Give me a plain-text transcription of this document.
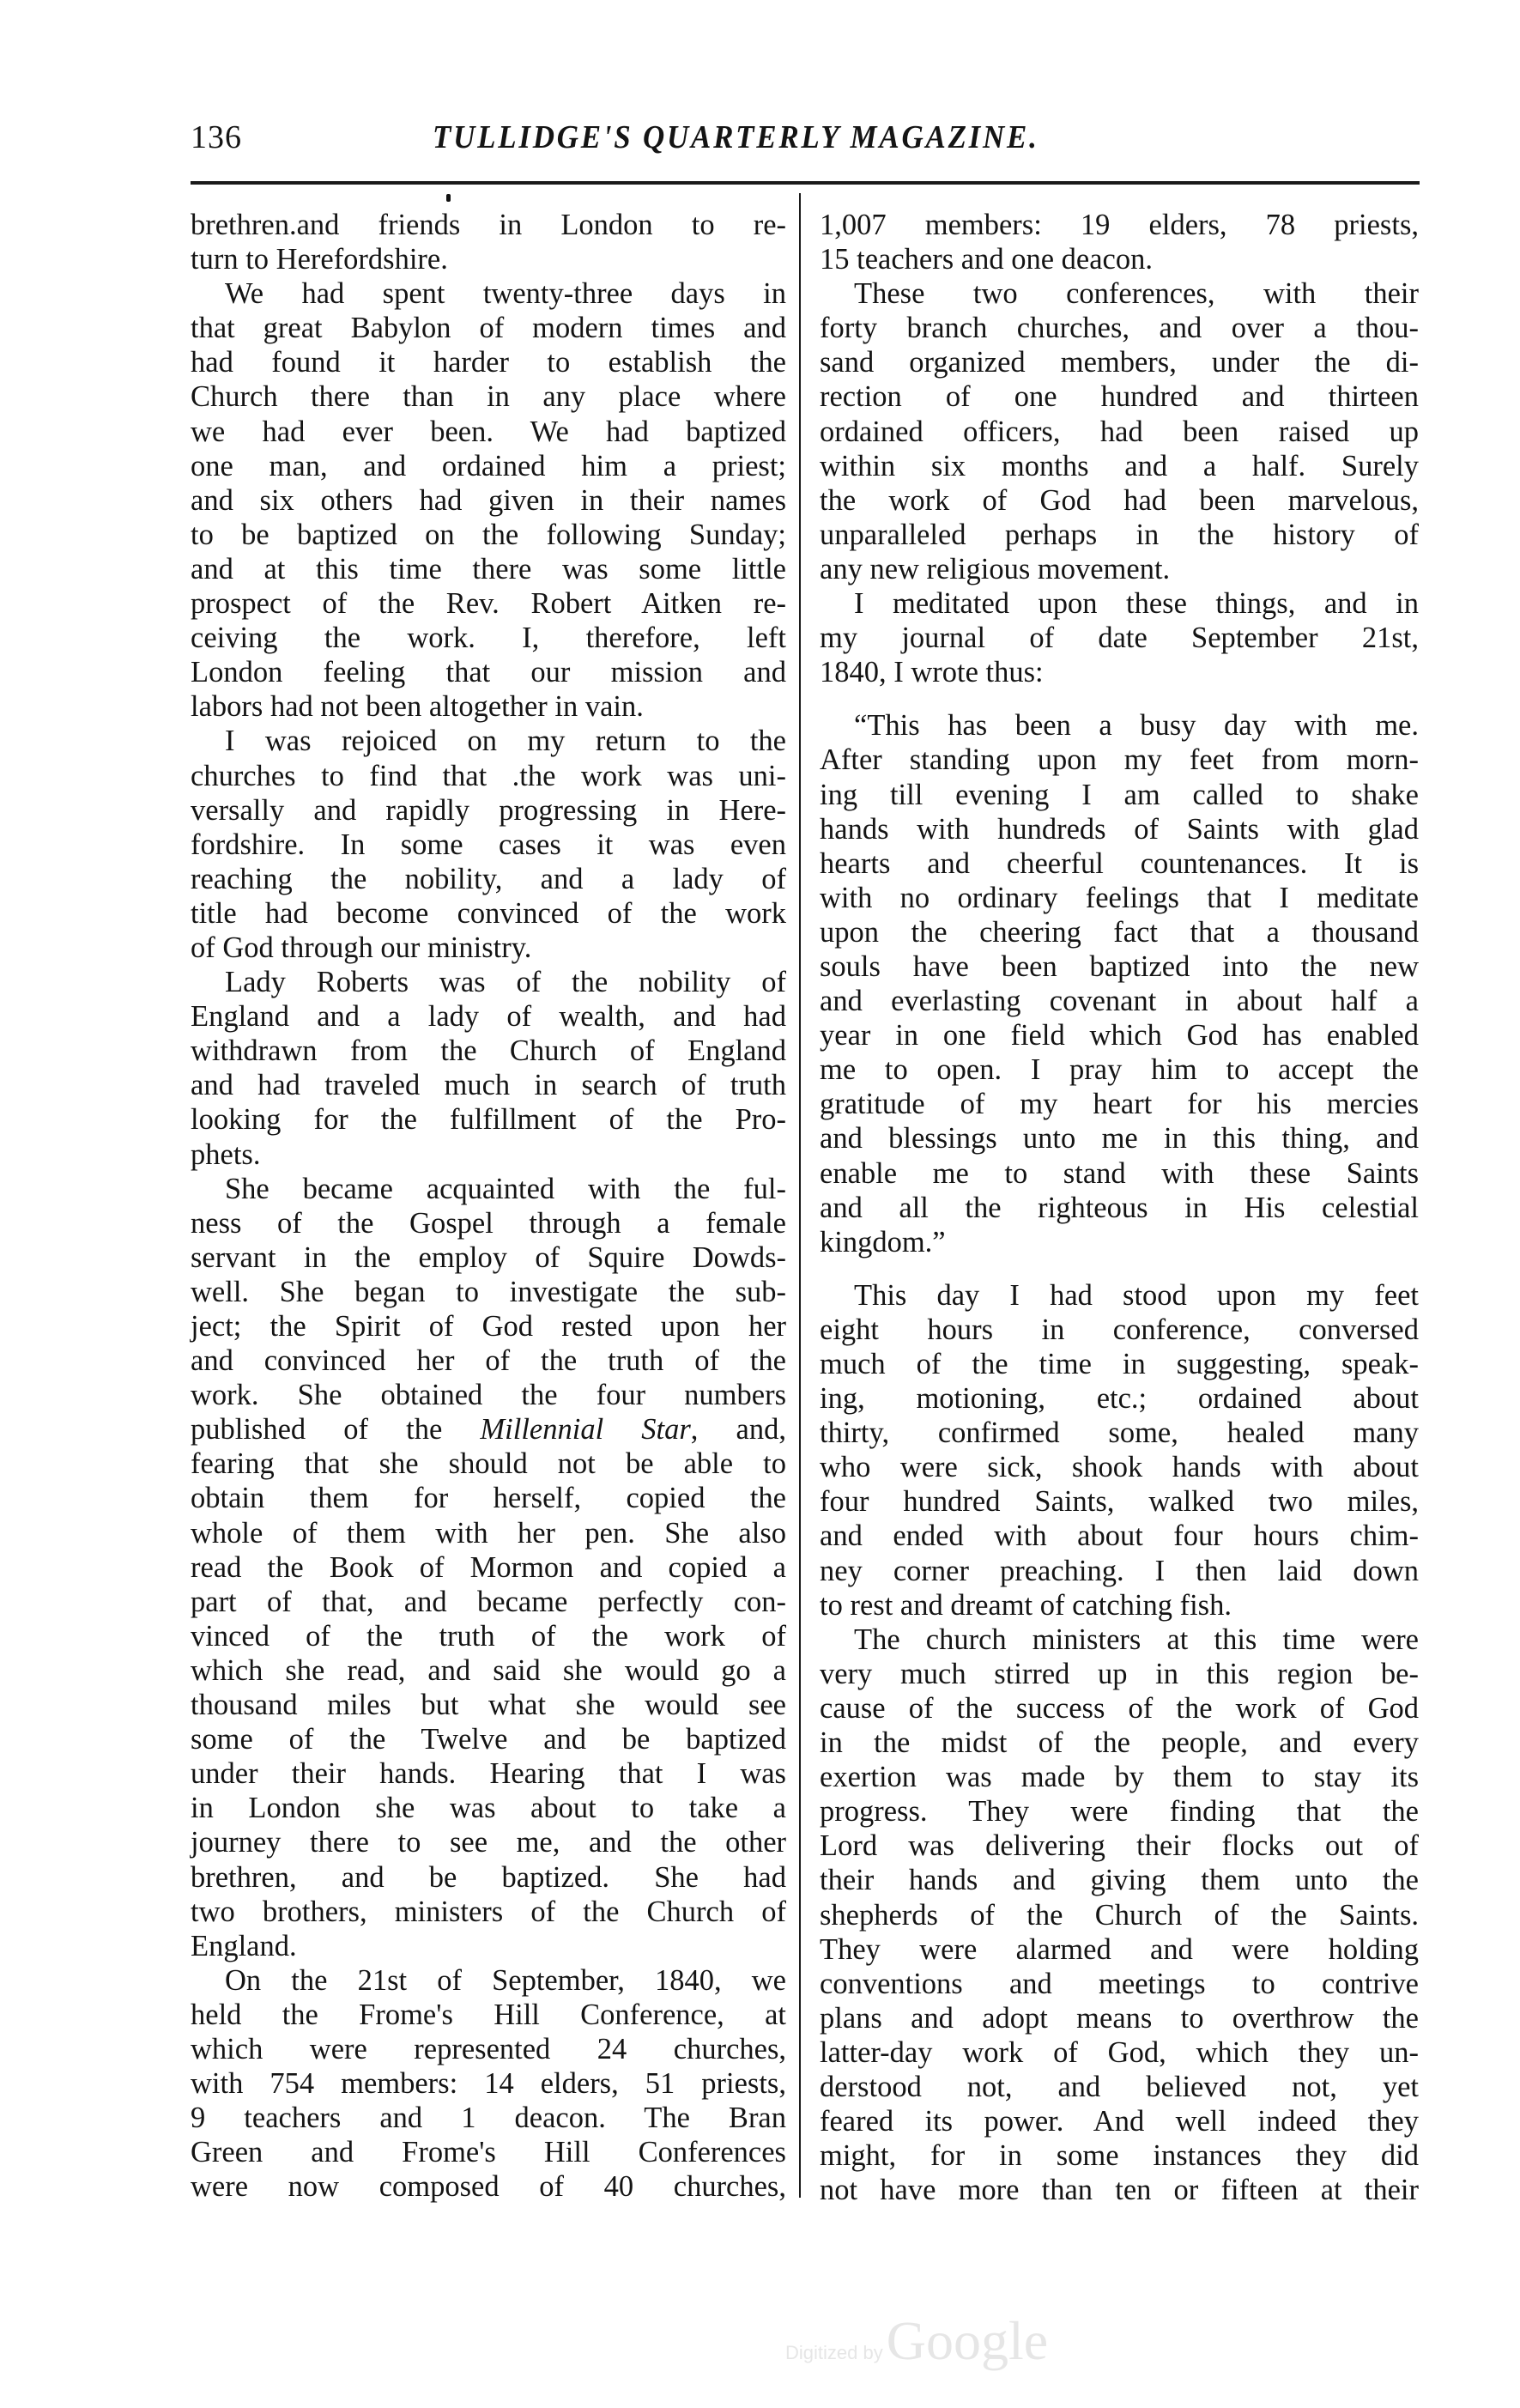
136	TULLIDGE'S QUARTERLY MAGAZINE.
brethren.and friends in London to re-
turn to Herefordshire.
We had spent twenty-three days in
that great Babylon of modern times and
had found it harder to establish the
Church there than in any place where
we had ever been. We had baptized
one man, and ordained him a priest;
and six others had given in their names
to be baptized on the following Sunday;
and at this time there was some little
prospect of the Rev. Robert Aitken re-
ceiving the work. I, therefore, left
London feeling that our mission and
labors had not been altogether in vain.
I was rejoiced on my return to the
churches to find that .the work was uni-
versally and rapidly progressing in Here-
fordshire. In some cases it was even
reaching the nobility, and a lady of
title had become convinced of the work
of God through our ministry.
Lady Roberts was of the nobility of
England and a lady of wealth, and had
withdrawn from the Church of England
and had traveled much in search of truth
looking for the fulfillment of the Pro-
phets.
She became acquainted with the ful-
ness of the Gospel through a female
servant in the employ of Squire Dowds-
well. She began to investigate the sub-
ject; the Spirit of God rested upon her
and convinced her of the truth of the
work. She obtained the four numbers
published of the Millennial Star, and,
fearing that she should not be able to
obtain them for herself, copied the
whole of them with her pen. She also
read the Book of Mormon and copied a
part of that, and became perfectly con-
vinced of the truth of the work of
which she read, and said she would go a
thousand miles but what she would see
some of the Twelve and be baptized
under their hands. Hearing that I was
in London she was about to take a
journey there to see me, and the other
brethren, and be baptized. She had
two brothers, ministers of the Church of
England.
On the 21st of September, 1840, we
held the Frome's Hill Conference, at
which were represented 24 churches,
with 754 members: 14 elders, 51 priests,
9 teachers and 1 deacon. The Bran
Green and Frome's Hill Conferences
were now composed of 40 churches,
1,007 members: 19 elders, 78 priests,
15 teachers and one deacon.
These two conferences, with their
forty branch churches, and over a thou-
sand organized members, under the di-
rection of one hundred and thirteen
ordained officers, had been raised up
within six months and a half. Surely
the work of God had been marvelous,
unparalleled perhaps in the history of
any new religious movement.
I meditated upon these things, and in
my journal of date September 21st,
1840, I wrote thus:
“This has been a busy day with me.
After standing upon my feet from morn-
ing till evening I am called to shake
hands with hundreds of Saints with glad
hearts and cheerful countenances. It is
with no ordinary feelings that I meditate
upon the cheering fact that a thousand
souls have been baptized into the new
and everlasting covenant in about half a
year in one field which God has enabled
me to open. I pray him to accept the
gratitude of my heart for his mercies
and blessings unto me in this thing, and
enable me to stand with these Saints
and all the righteous in His celestial
kingdom.”
This day I had stood upon my feet
eight hours in conference, conversed
much of the time in suggesting, speak-
ing, motioning, etc.; ordained about
thirty, confirmed some, healed many
who were sick, shook hands with about
four hundred Saints, walked two miles,
and ended with about four hours chim-
ney corner preaching. I then laid down
to rest and dreamt of catching fish.
The church ministers at this time were
very much stirred up in this region be-
cause of the success of the work of God
in the midst of the people, and every
exertion was made by them to stay its
progress. They were finding that the
Lord was delivering their flocks out of
their hands and giving them unto the
shepherds of the Church of the Saints.
They were alarmed and were holding
conventions and meetings to contrive
plans and adopt means to overthrow the
latter-day work of God, which they un-
derstood not, and believed not, yet
feared its power. And well indeed they
might, for in some instances they did
not have more than ten or fifteen at their
Digitized by Google
